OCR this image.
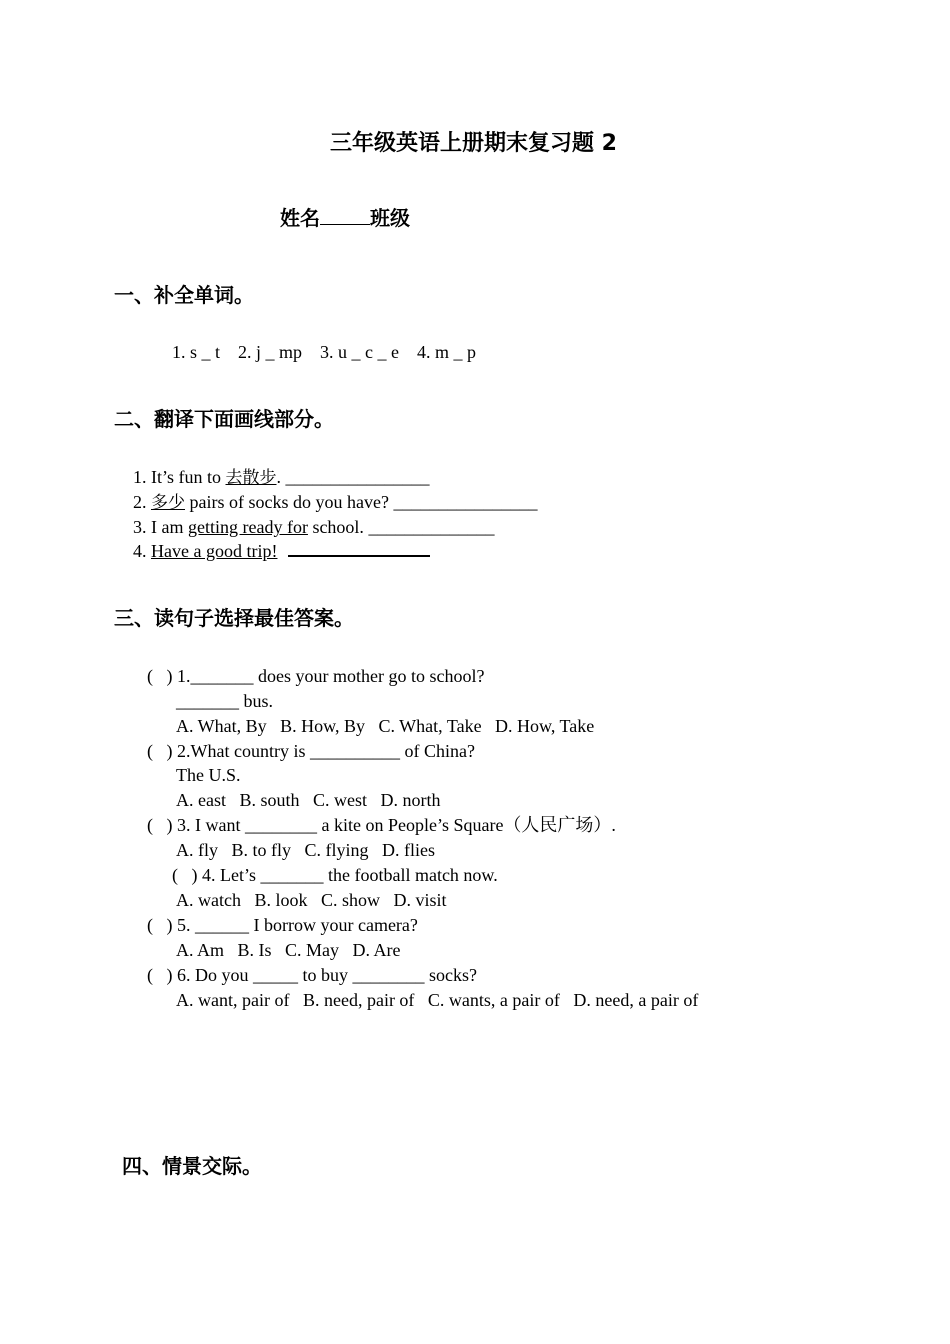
三年级英语上册期末复习题 2
姓名	班级
一、补全单词。
1. s _ t    2. j _ mp    3. u _ c _ e    4. m _ p
二、翻译下面画线部分。
1. It’s fun to 去散步. ________________
2. 多少 pairs of socks do you have? ________________
3. I am getting ready for school. ______________
4. Have a good trip!
三、读句子选择最佳答案。
(   ) 1._______ does your mother go to school?
_______ bus.
A. What, By   B. How, By   C. What, Take   D. How, Take
(   ) 2.What country is __________ of China?
The U.S.
A. east   B. south   C. west   D. north
(   ) 3. I want ________ a kite on People’s Square（人民广场）.
A. fly   B. to fly   C. flying   D. flies
(   ) 4. Let’s _______ the football match now.
A. watch   B. look   C. show   D. visit
(   ) 5. ______ I borrow your camera?
A. Am   B. Is   C. May   D. Are
(   ) 6. Do you _____ to buy ________ socks?
A. want, pair of   B. need, pair of   C. wants, a pair of   D. need, a pair of
四、情景交际。
